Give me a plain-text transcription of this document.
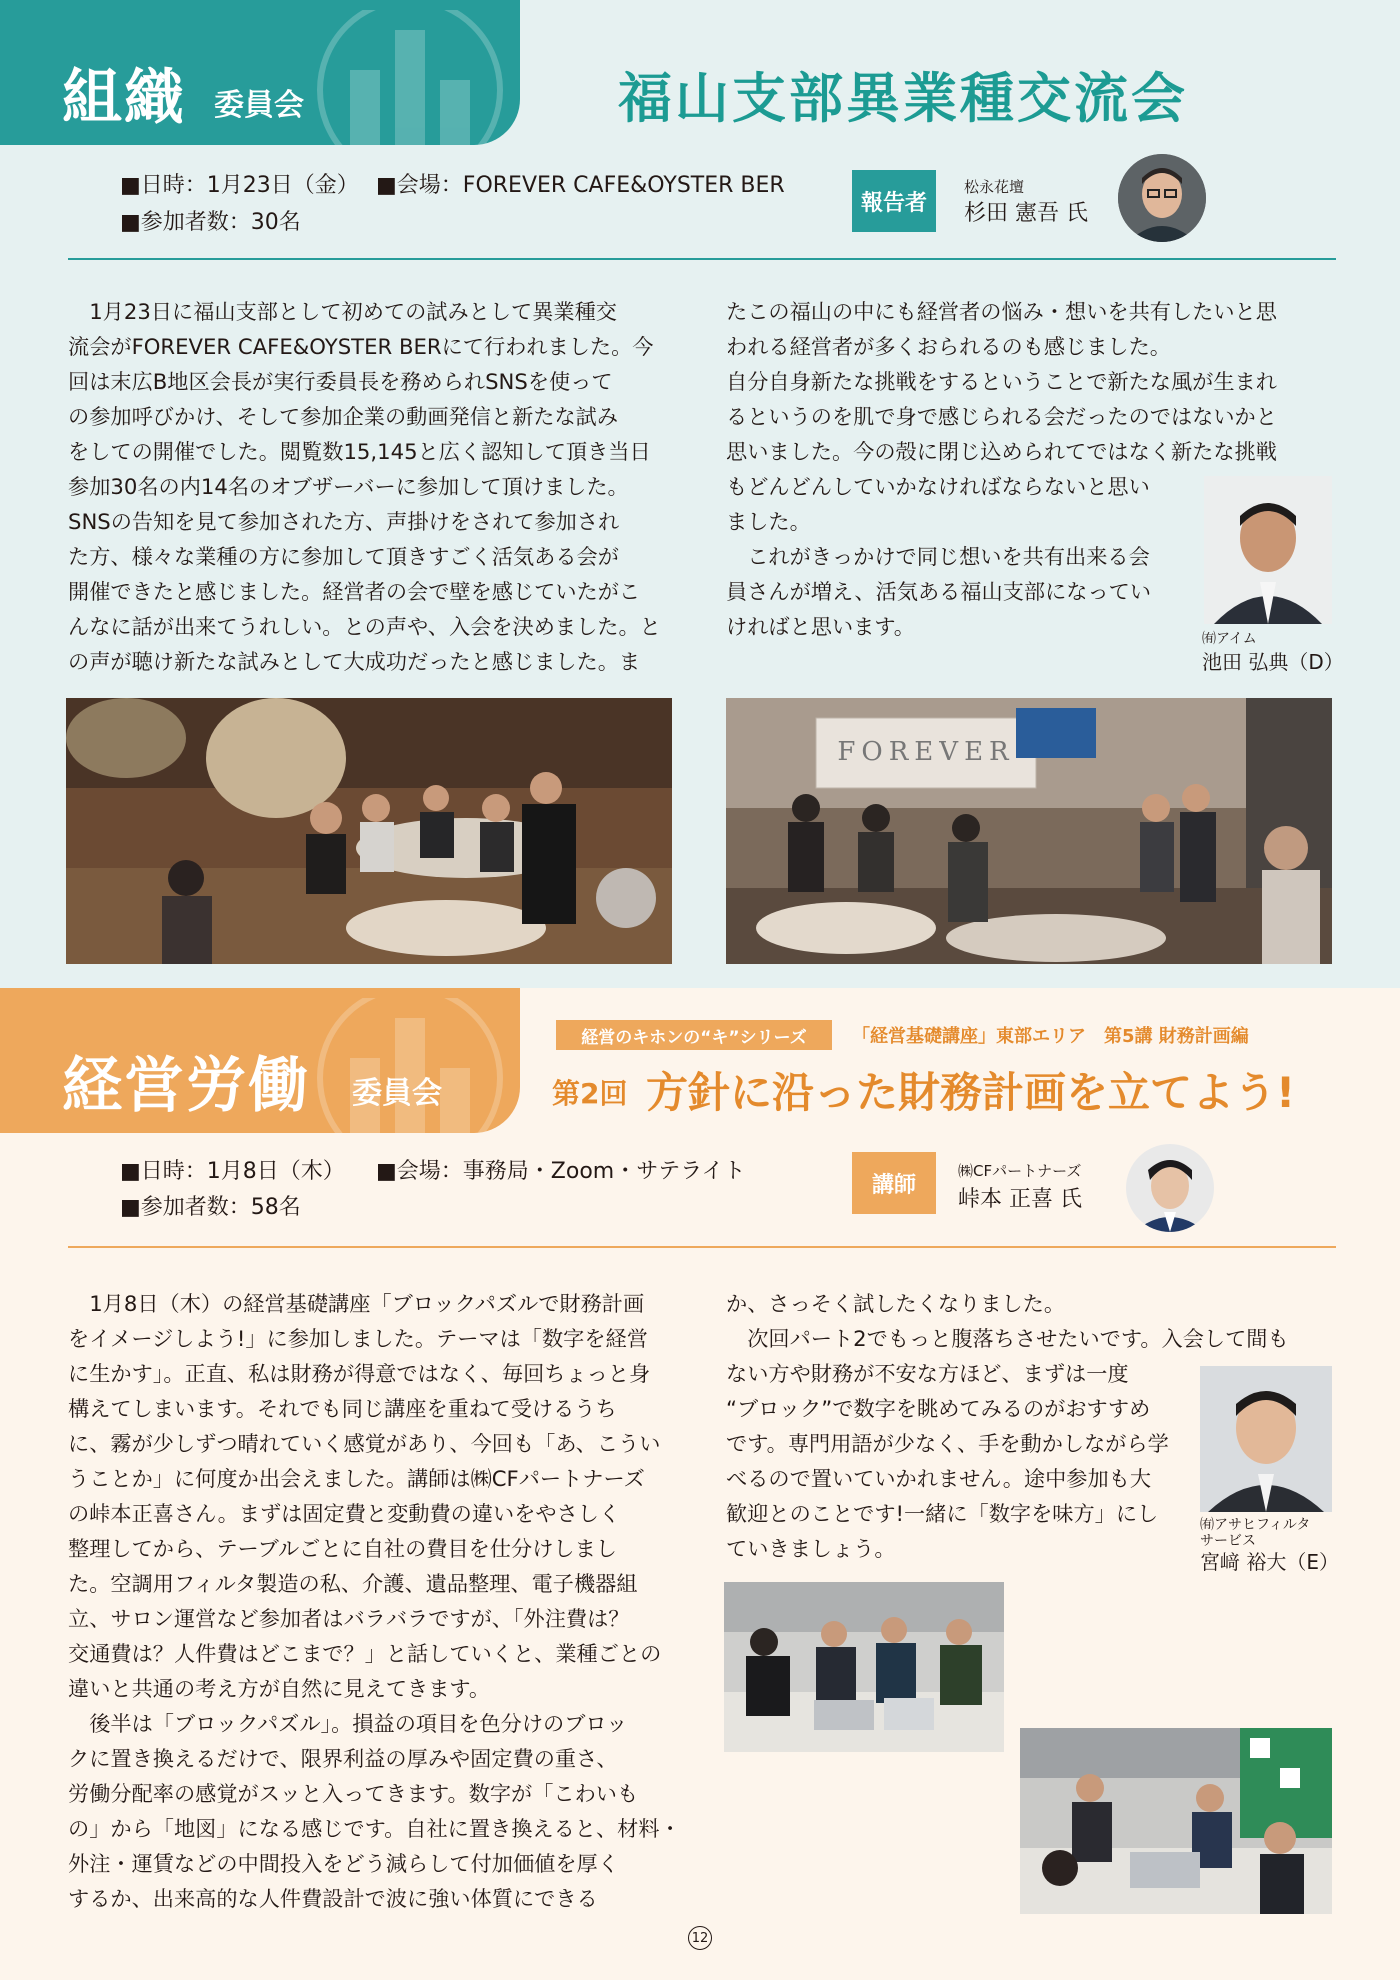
組織 委員会	福山支部異業種交流会
■日時：1月23日（金） ■会場：FOREVER CAFE&OYSTER BER
■参加者数：30名
報告者
松永花壇
杉田 憲吾 氏

　1月23日に福山支部として初めての試みとして異業種交

流会がFOREVER CAFE&OYSTER BERにて行われました。今

回は末広B地区会長が実行委員長を務められSNSを使って

の参加呼びかけ、そして参加企業の動画発信と新たな試み

をしての開催でした。閲覧数15,145と広く認知して頂き当日

参加30名の内14名のオブザーバーに参加して頂けました。

SNSの告知を見て参加された方、声掛けをされて参加され

た方、様々な業種の方に参加して頂きすごく活気ある会が

開催できたと感じました。経営者の会で壁を感じていたがこ

んなに話が出来てうれしい。との声や、入会を決めました。と

の声が聴け新たな試みとして大成功だったと感じました。ま

たこの福山の中にも経営者の悩み・想いを共有したいと思

われる経営者が多くおられるのも感じました。

自分自身新たな挑戦をするということで新たな風が生まれ

るというのを肌で身で感じられる会だったのではないかと

思いました。今の殻に閉じ込められてではなく新たな挑戦

もどんどんしていかなければならないと思い

ました。

　これがきっかけで同じ想いを共有出来る会

員さんが増え、活気ある福山支部になってい

ければと思います。	㈲アイム
池田 弘典（D）
FOREVER
経営労働 委員会
経営のキホンの“キ”シリーズ	「経営基礎講座」東部エリア　第5講 財務計画編
第2回 方針に沿った財務計画を立てよう!
■日時：1月8日（木） ■会場：事務局・Zoom・サテライト
■参加者数：58名
講師
㈱CFパートナーズ
峠本 正喜 氏

　1月8日（木）の経営基礎講座「ブロックパズルで財務計画

をイメージしよう!」に参加しました。テーマは「数字を経営

に生かす」。正直、私は財務が得意ではなく、毎回ちょっと身

構えてしまいます。それでも同じ講座を重ねて受けるうち

に、霧が少しずつ晴れていく感覚があり、今回も「あ、こうい

うことか」に何度か出会えました。講師は㈱CFパートナーズ

の峠本正喜さん。まずは固定費と変動費の違いをやさしく

整理してから、テーブルごとに自社の費目を仕分けしまし

た。空調用フィルタ製造の私、介護、遺品整理、電子機器組

立、サロン運営など参加者はバラバラですが、「外注費は？

交通費は？人件費はどこまで？」と話していくと、業種ごとの

違いと共通の考え方が自然に見えてきます。

　後半は「ブロックパズル」。損益の項目を色分けのブロッ

クに置き換えるだけで、限界利益の厚みや固定費の重さ、

労働分配率の感覚がスッと入ってきます。数字が「こわいも

の」から「地図」になる感じです。自社に置き換えると、材料・

外注・運賃などの中間投入をどう減らして付加価値を厚く

するか、出来高的な人件費設計で波に強い体質にできる

か、さっそく試したくなりました。

　次回パート2でもっと腹落ちさせたいです。入会して間も

ない方や財務が不安な方ほど、まずは一度

“ブロック”で数字を眺めてみるのがおすすめ

です。専門用語が少なく、手を動かしながら学

べるので置いていかれません。途中参加も大

歓迎とのことです!一緒に「数字を味方」にし

ていきましょう。

㈲アサヒフィルタ
サービス
宮﨑 裕大（E）
12
